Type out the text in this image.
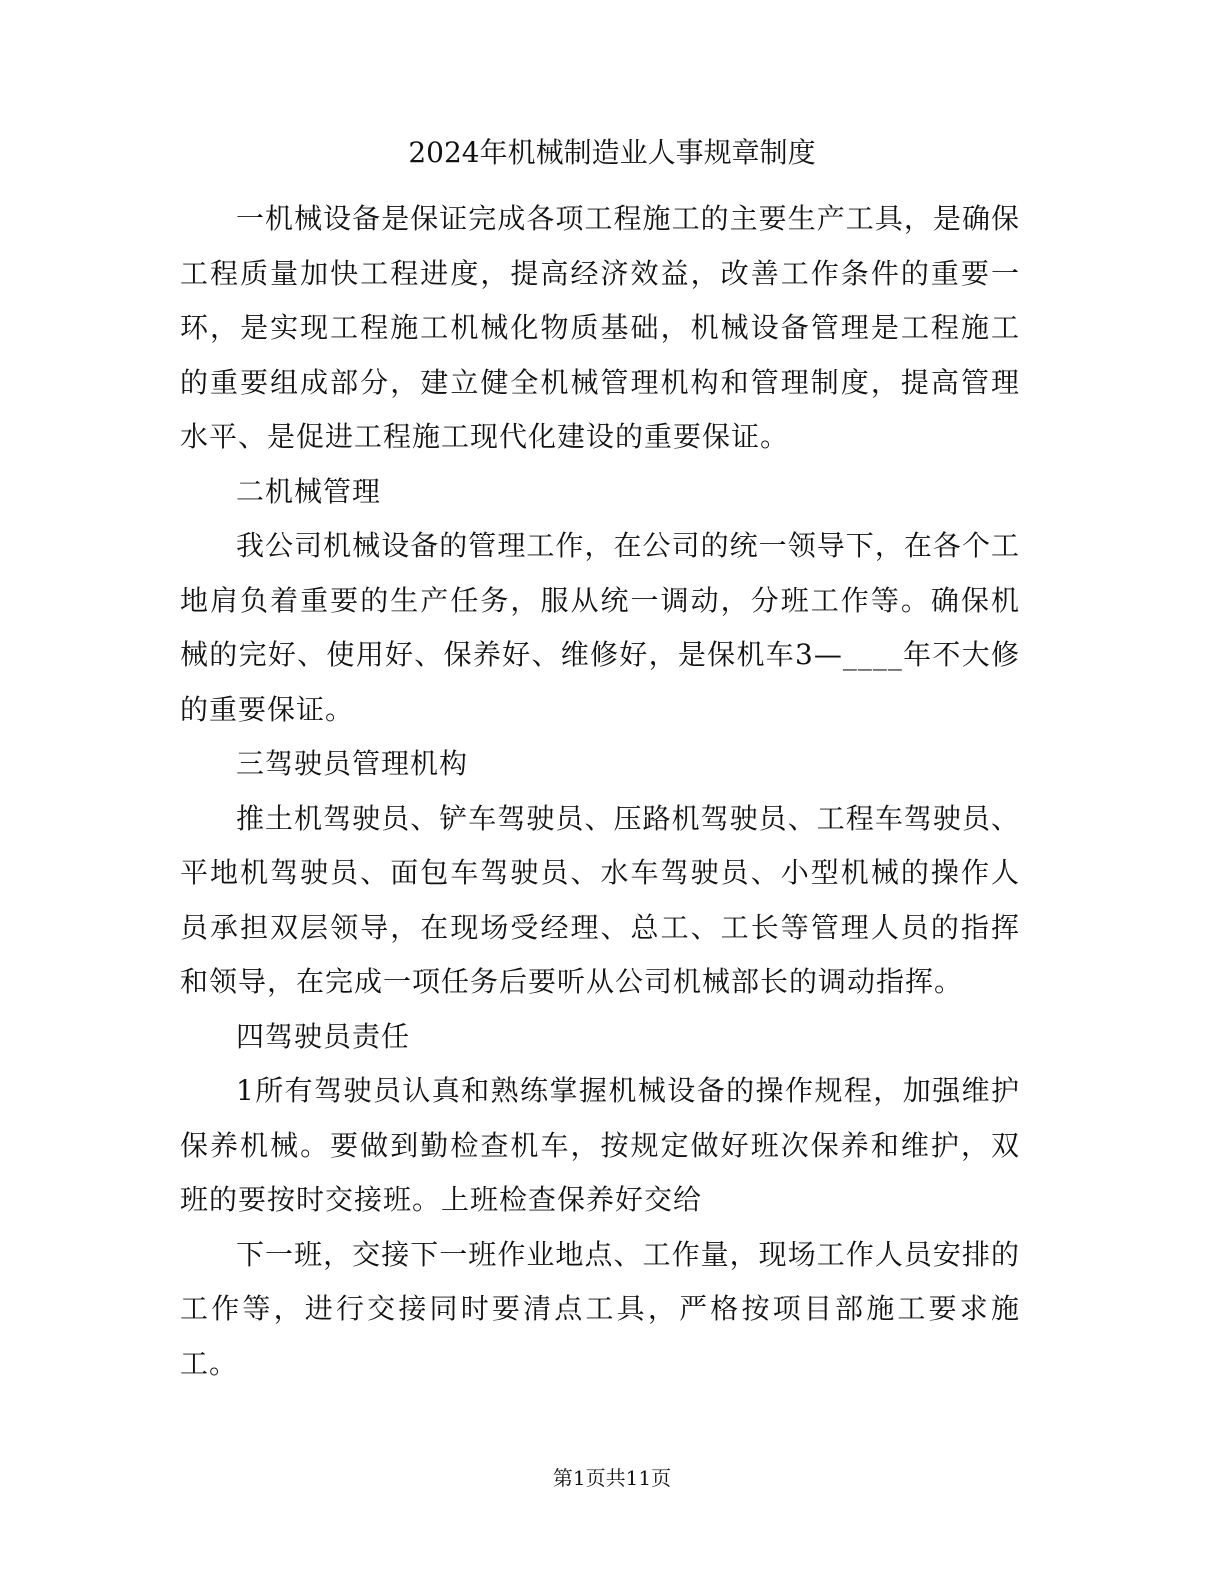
2024年机械制造业人事规章制度

一机械设备是保证完成各项工程施工的主要生产工具，是确保工程质量加快工程进度，提高经济效益，改善工作条件的重要一环，是实现工程施工机械化物质基础，机械设备管理是工程施工的重要组成部分，建立健全机械管理机构和管理制度，提高管理水平、是促进工程施工现代化建设的重要保证。

二机械管理

我公司机械设备的管理工作，在公司的统一领导下，在各个工地肩负着重要的生产任务，服从统一调动，分班工作等。确保机械的完好、使用好、保养好、维修好，是保机车3—____年不大修的重要保证。

三驾驶员管理机构

推土机驾驶员、铲车驾驶员、压路机驾驶员、工程车驾驶员、平地机驾驶员、面包车驾驶员、水车驾驶员、小型机械的操作人员承担双层领导，在现场受经理、总工、工长等管理人员的指挥和领导，在完成一项任务后要听从公司机械部长的调动指挥。

四驾驶员责任

1所有驾驶员认真和熟练掌握机械设备的操作规程，加强维护保养机械。要做到勤检查机车，按规定做好班次保养和维护，双班的要按时交接班。上班检查保养好交给

下一班，交接下一班作业地点、工作量，现场工作人员安排的工作等，进行交接同时要清点工具，严格按项目部施工要求施工。

第1页共11页
